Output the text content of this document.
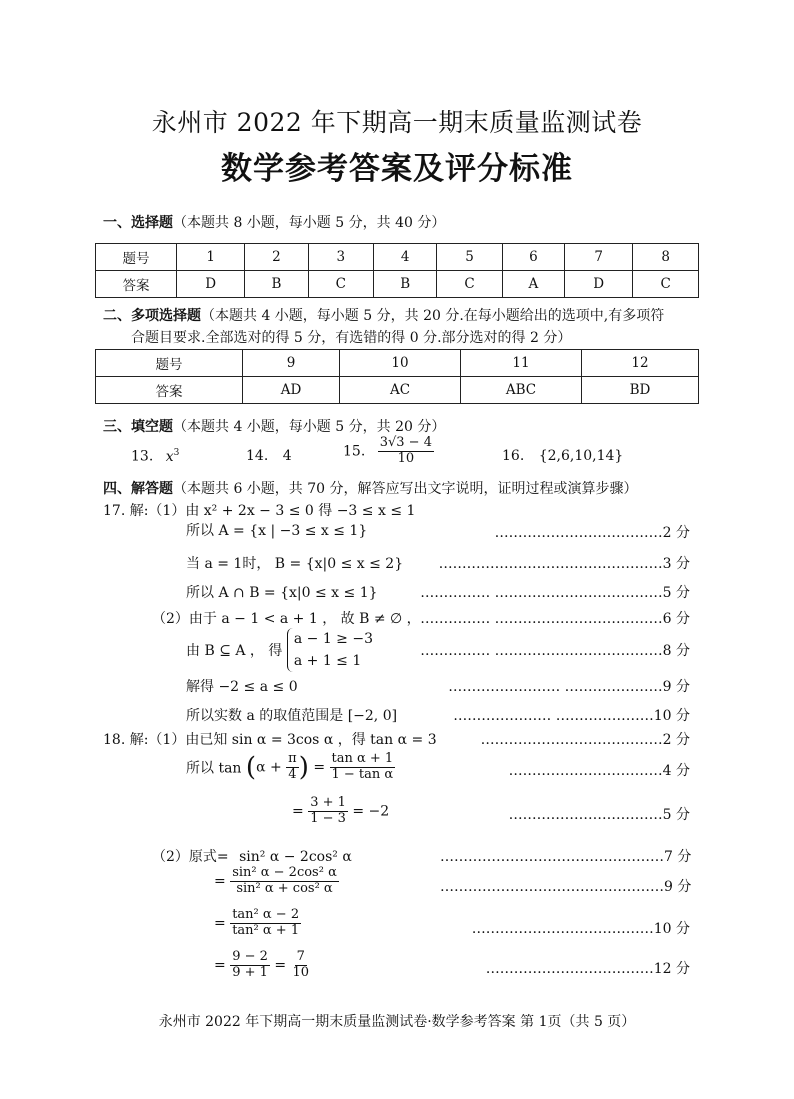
永州市 2022 年下期高一期末质量监测试卷
数学参考答案及评分标准
一、选择题（本题共 8 小题，每小题 5 分，共 40 分）
题号	1	2	3	4	5	6	7	8
答案	D	B	C	B	C	A	D	C
二、多项选择题（本题共 4 小题，每小题 5 分，共 20 分.在每小题给出的选项中,有多项符
合题目要求.全部选对的得 5 分，有选错的得 0 分.部分选对的得 2 分）
题号	9	10	11	12
答案	AD	AC	ABC	BD
三、填空题（本题共 4 小题，每小题 5 分，共 20 分）
13. $x^3$	14. 4	15. $\frac{3√3 - 4}{10}$	16. {2,6,10,14}
四、解答题（本题共 6 小题，共 70 分，解答应写出文字说明，证明过程或演算步骤）
17. 解:（1）由 x² + 2x − 3 ≤ 0 得 −3 ≤ x ≤ 1
所以 A = {x | −3 ≤ x ≤ 1}	………………………………2 分
当 a = 1时， B = {x|0 ≤ x ≤ 2}	…………………………………………3 分
所以 A ∩ B = {x|0 ≤ x ≤ 1}	…………… ………………………………5 分
（2）由于 a − 1 < a + 1 ， 故 B ≠ ∅ ， …………… ………………………………6 分
由 B ⊆ A ， 得
a − 1 ≥ −3
a + 1 ≤ 1
…………… ………………………………8 分
解得 −2 ≤ a ≤ 0	…………………… …………………9 分
所以实数 a 的取值范围是 [−2, 0]	………………… …………………10 分
18. 解:（1）由已知 sin α = 3cos α ，得 tan α = 3	…………………………………2 分
所以 $\tan (\alpha + \frac{\pi}{4}$ ) = $\frac{\text{tan α + 1}}{\text{1 − tan α}}$	……………………………4 分
= $\frac{3 + 1}{1 - 3} = -2$	……………………………5 分
（2）原式= sin² α − 2cos² α	…………………………………………7 分
= $\frac{\text{sin² α − 2cos² α}}{\text{sin² α + cos² α}}$	…………………………………………9 分
= $\frac{\text{tan² α − 2}}{\text{tan² α + 1}}$	…………………………………10 分
= $\frac{9 - 2}{9 + 1} = \frac{7}{10}$	………………………………12 分
永州市 2022 年下期高一期末质量监测试卷·数学参考答案 第 1页（共 5 页）
